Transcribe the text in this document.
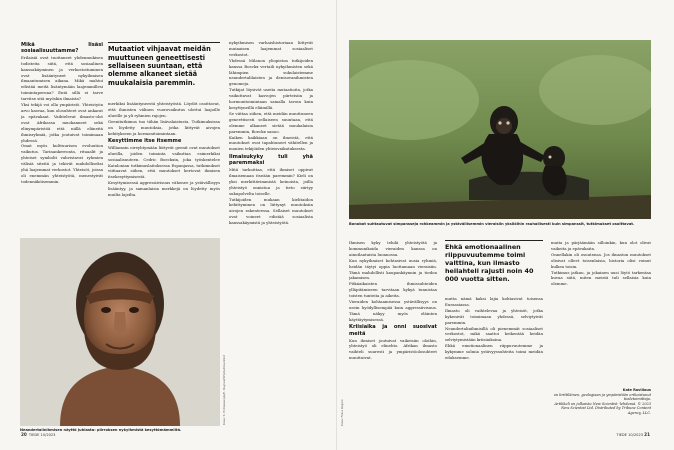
Mikä lisäsi sosiaalisuuttamme?

Erilaisiä ovat tuottaneet yhdenmukisen todisteita siitä, että sosiaalinen kanssakäyminen ja verkostoituminen ovat lisääntyneet nykyihmisen ilmaantumisen aikana. Mikä mahtoi edistää meitä lisäntymään laajemmillesi toimintaperuna? Entä sillä ei tarve tarvitse sitä myöskin ilmaista?

Yksi tekijä voi olla ympäristö. Yhteistyön arvo kasvaa, kun olosuhteet ovat ankarat ja epävakaat. Vaihtelevat ilmasto-olot ovat Afrikassa muokanneet sekä elinympäristöä että niillä eläneitä ihmisryhmiä, jotka joutuivat toimimaan yhdessä.

Omat myös kulttuurisen evoluution vaikutus. Tarinankerronta, rituaalit ja yhteiset symbolit vahvistavat ryhmien välisiä siteitä ja tekivät mahdolliseksi yhä laajemmat verkostot. Yhteisöt, joissa oli enemmän yhteistyötä, menestyivät todennäköisemmin.

Mutaatiot vihjaavat meidän muuttuneen geneettisesti sellaiseen suuntaan, että olemme alkaneet sietää muukalaisia paremmin.

merkiksi lisääntyneestä yhteistyöstä. Löydöt osoittavat, että ihmisten välinen vuorovaikutus ulottui laajoille alueille ja yli ryhmien rajojen.

Geenitutkimus tuo tähän lisävalaistusta. Tutkimuksissa on löydetty muutoksia, jotka liittyvät aivojen kehitykseen ja hormonitoimintaan.

Kesyttimme itse itsemme

Williamsin oireyhtymään liittyvät geenit ovat muutokset alueilla, joiden toiminta vaikuttaa esimerkiksi sosiaalisuuteen. Cedric Boeckxin, joka työskentelee Katalonian tutkimuslaitoksessa Espanjassa, tutkimukset viittaavat siihen, että muutokset kertovat ihmisen itsekesyttymisestä.

Kesyttymisessä aggressiivisuus vähenee ja ystävällisyys lisääntyy, ja samanlaisia merkkejä on löydetty myös muilta lajeilta.

nykyihmisen varhaishistoriaan liittyvät muinaisen laajemmat sosiaaliset verkostot.

Yhdessä Milanon yliopiston tutkijoiden kanssa Boeckx vertaili nykyihmisten sekä lähimpien sukulaistemme neandertalilaisten ja denisovanihmisten genomeja.

Tutkijat löysivät useita mutaatioita, jotka vaikuttavat kasvojen piirteisiin ja hormonitoimintaan samalla tavoin kuin kesyttyneillä eläimillä.

Se viittaa siihen, että meidän muuttuneen geneettisesti sellaiseen suuntaan, että olemme alkaneet sietää muukalaisia paremmin, Boeckx sanoo.

Kaiken kaikkiaan on ilmeistä, että muutokset ovat tapahtuneet vähitellen ja monien tekijöiden yhteisvaikutuksesta.

Ilmaisukyky tuli yhä paremmaksi

Mitä tarkoittaa, että ihmiset oppivat ilmaisemaan itseään paremmin? Kieli on yksi merkittävimmistä keinoista, joilla yhteistyö onnistuu ja tieto siirtyy sukupolvelta toiselle.

Tutkijoiden mukaan kielitaidon kehittyminen on liittynyt muutoksiin aivojen rakenteessa. Sellaiset muutokset ovat voineet edistää sosiaalista kanssakäymistä ja yhteistyötä.

Neandertalinihmisen näyttö juhlasta: piirroksen nykyihmistä kesyttömämmiltä.
Kuva: S. Entressangle/E. Daynes/SPL/Aaltoverkkot
20 TIEDE 10/2023
Bonobot suhtautuvat simpansseja rohkeammin ja ystävällisemmin vieraisiin yksilöihin rauhallisesti kuin simpanssit, tutkimukset osoittavat.
Kuva: Fiona Rogers

Ihmisen kyky tehdä yhteistyötä ja kommunikoida vieraiden kanssa on ainutlaatuista luonnossa.

Kun nykyihmiset kohtasivat uusia ryhmiä, heidän täytyi oppia luottamaan vieraisiin. Tämä mahdollisti kaupankäynnin ja tiedon jakamisen.

Pitkäaikaisten ihmissuhteiden ylläpitämiseen tarvitaan kykyä tunnistaa toisten tunteita ja aikeita.

Vieraiden kohtaamisessa ystävällisyys on usein hyödyllisempää kuin aggressiivisuus. Tämä näkyy myös eläinten käyttäytymisessä.

Kriisiaika ja onni suosivat meitä

Kun ihmiset joutuivat vaikeisiin oloihin, yhteistyö oli elinehto. Afrikan ilmasto vaihteli suuresti ja ympäristöolosuhteet muuttuivat.

Ehkä emotionaalinen riippuvuutemme toimi valttina, kun ilmasto heilahteli rajusti noin 40 000 vuotta sitten.

mutta nämä kaksi lajia kohtasivat toisensa Euraasiassa.

Ilmasto oli vaihtelevaa ja yhteisöt, jotka kykenivät toimimaan yhdessä, selviytyivät paremmin.

Neandertalinihmisillä oli pienemmät sosiaaliset verkostot, mikä saattoi heikentää heidän selviytymistään kriisiaikoina.

Ehkä emotionaalinen riippuvuutemme ja kykymme solmia ystävyyssuhteita toimi meidän eduksemme.

muita ja pärjäämään silloinkin, kun olot olivat vaikeita ja epävakaita.

Onnellakin oli osuutensa. Jos ilmaston muutokset olisivat olleet toisenlaisia, historia olisi voinut kulkea toisin.

Tutkimus jatkuu, ja jokainen uusi löytö tarkentaa kuvaa siitä, miten meistä tuli sellaisia kuin olemme.

Kate Ravilious
on brittiläinen, geologiaan ja ympäristöön erikoistunut tiedetoimittaja.
Artikkeli on julkaistu New Scientist -lehdessä. © 2023 New Scientist Ltd. Distributed by Tribune Content Agency, LLC.
TIEDE 10/2023 21
